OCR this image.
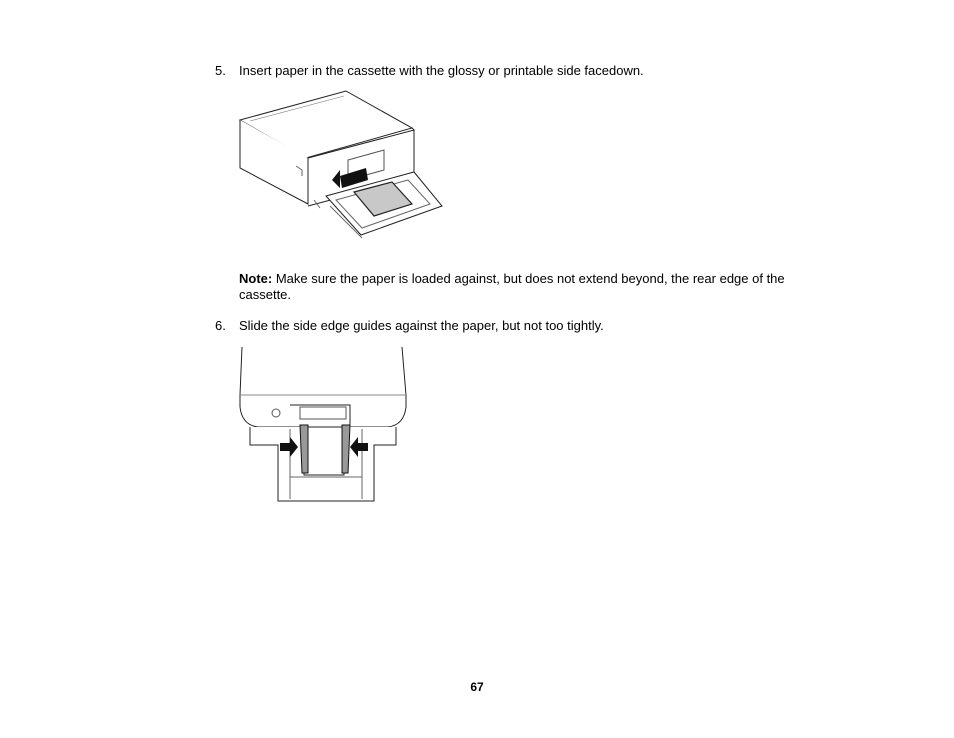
5. Insert paper in the cassette with the glossy or printable side facedown.
Note: Make sure the paper is loaded against, but does not extend beyond, the rear edge of the cassette.
6. Slide the side edge guides against the paper, but not too tightly.
67
